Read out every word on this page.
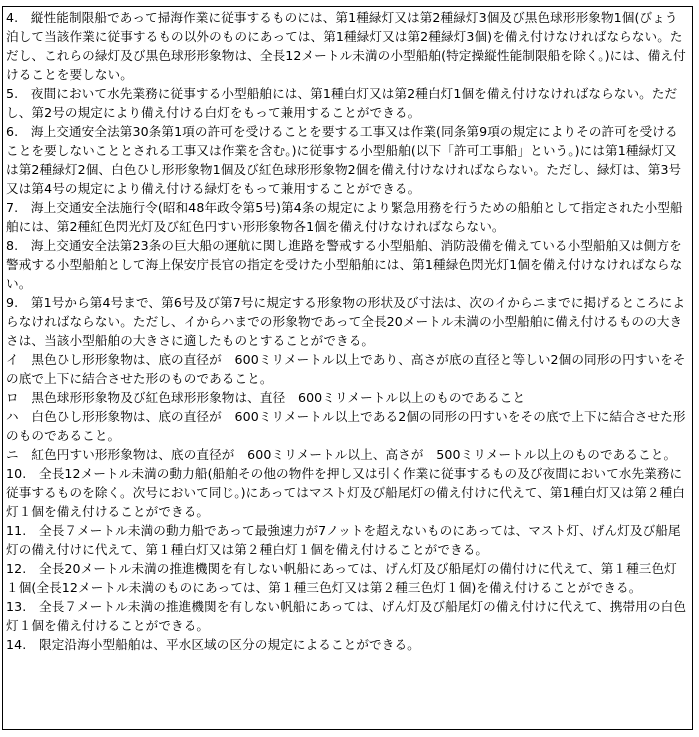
4.　縦性能制限船であって掃海作業に従事するものには、第1種緑灯又は第2種緑灯3個及び黒色球形形象物1個(びょう泊して当該作業に従事するもの以外のものにあっては、第1種緑灯又は第2種緑灯3個)を備え付けなければならない。ただし、これらの緑灯及び黒色球形形象物は、全長12メートル未満の小型船舶(特定操縦性能制限船を除く。)には、備え付けることを要しない。

5.　夜間において水先業務に従事する小型船舶には、第1種白灯又は第2種白灯1個を備え付けなければならない。ただし、第2号の規定により備え付ける白灯をもって兼用することができる。

6.　海上交通安全法第30条第1項の許可を受けることを要する工事又は作業(同条第9項の規定によりその許可を受けることを要しないこととされる工事又は作業を含む。)に従事する小型船舶(以下「許可工事船」という。)には第1種緑灯又は第2種緑灯2個、白色ひし形形象物1個及び紅色球形形象物2個を備え付けなければならない。ただし、緑灯は、第3号又は第4号の規定により備え付ける緑灯をもって兼用することができる。

7.　海上交通安全法施行令(昭和48年政令第5号)第4条の規定により緊急用務を行うための船舶として指定された小型船舶には、第2種紅色閃光灯及び紅色円すい形形象物各1個を備え付けなければならない。

8.　海上交通安全法第23条の巨大船の運航に関し進路を警戒する小型船舶、消防設備を備えている小型船舶又は側方を警戒する小型船舶として海上保安庁長官の指定を受けた小型船舶には、第1種緑色閃光灯1個を備え付けなければならない。

9.　第1号から第4号まで、第6号及び第7号に規定する形象物の形状及び寸法は、次のイからニまでに掲げるところによらなければならない。ただし、イからハまでの形象物であって全長20メートル未満の小型船舶に備え付けるものの大きさは、当該小型船舶の大きさに適したものとすることができる。

イ　黒色ひし形形象物は、底の直径が　600ミリメートル以上であり、高さが底の直径と等しい2個の同形の円すいをその底で上下に結合させた形のものであること。

ロ　黒色球形形象物及び紅色球形形象物は、直径　600ミリメートル以上のものであること

ハ　白色ひし形形象物は、底の直径が　600ミリメートル以上である2個の同形の円すいをその底で上下に結合させた形のものであること。

ニ　紅色円すい形形象物は、底の直径が　600ミリメートル以上、高さが　500ミリメートル以上のものであること。

10.　全長12メートル未満の動力船(船舶その他の物件を押し又は引く作業に従事するもの及び夜間において水先業務に従事するものを除く。次号において同じ。)にあってはマスト灯及び船尾灯の備え付けに代えて、第1種白灯又は第２種白灯１個を備え付けることができる。

11.　全長７メートル未満の動力船であって最強速力が7ノットを超えないものにあっては、マスト灯、げん灯及び船尾灯の備え付けに代えて、第１種白灯又は第２種白灯１個を備え付けることができる。

12.　全長20メートル未満の推進機関を有しない帆船にあっては、げん灯及び船尾灯の備付けに代えて、第１種三色灯１個(全長12メートル未満のものにあっては、第１種三色灯又は第２種三色灯１個)を備え付けることができる。

13.　全長７メートル未満の推進機関を有しない帆船にあっては、げん灯及び船尾灯の備え付けに代えて、携帯用の白色灯１個を備え付けることができる。

14.　限定沿海小型船舶は、平水区域の区分の規定によることができる。
